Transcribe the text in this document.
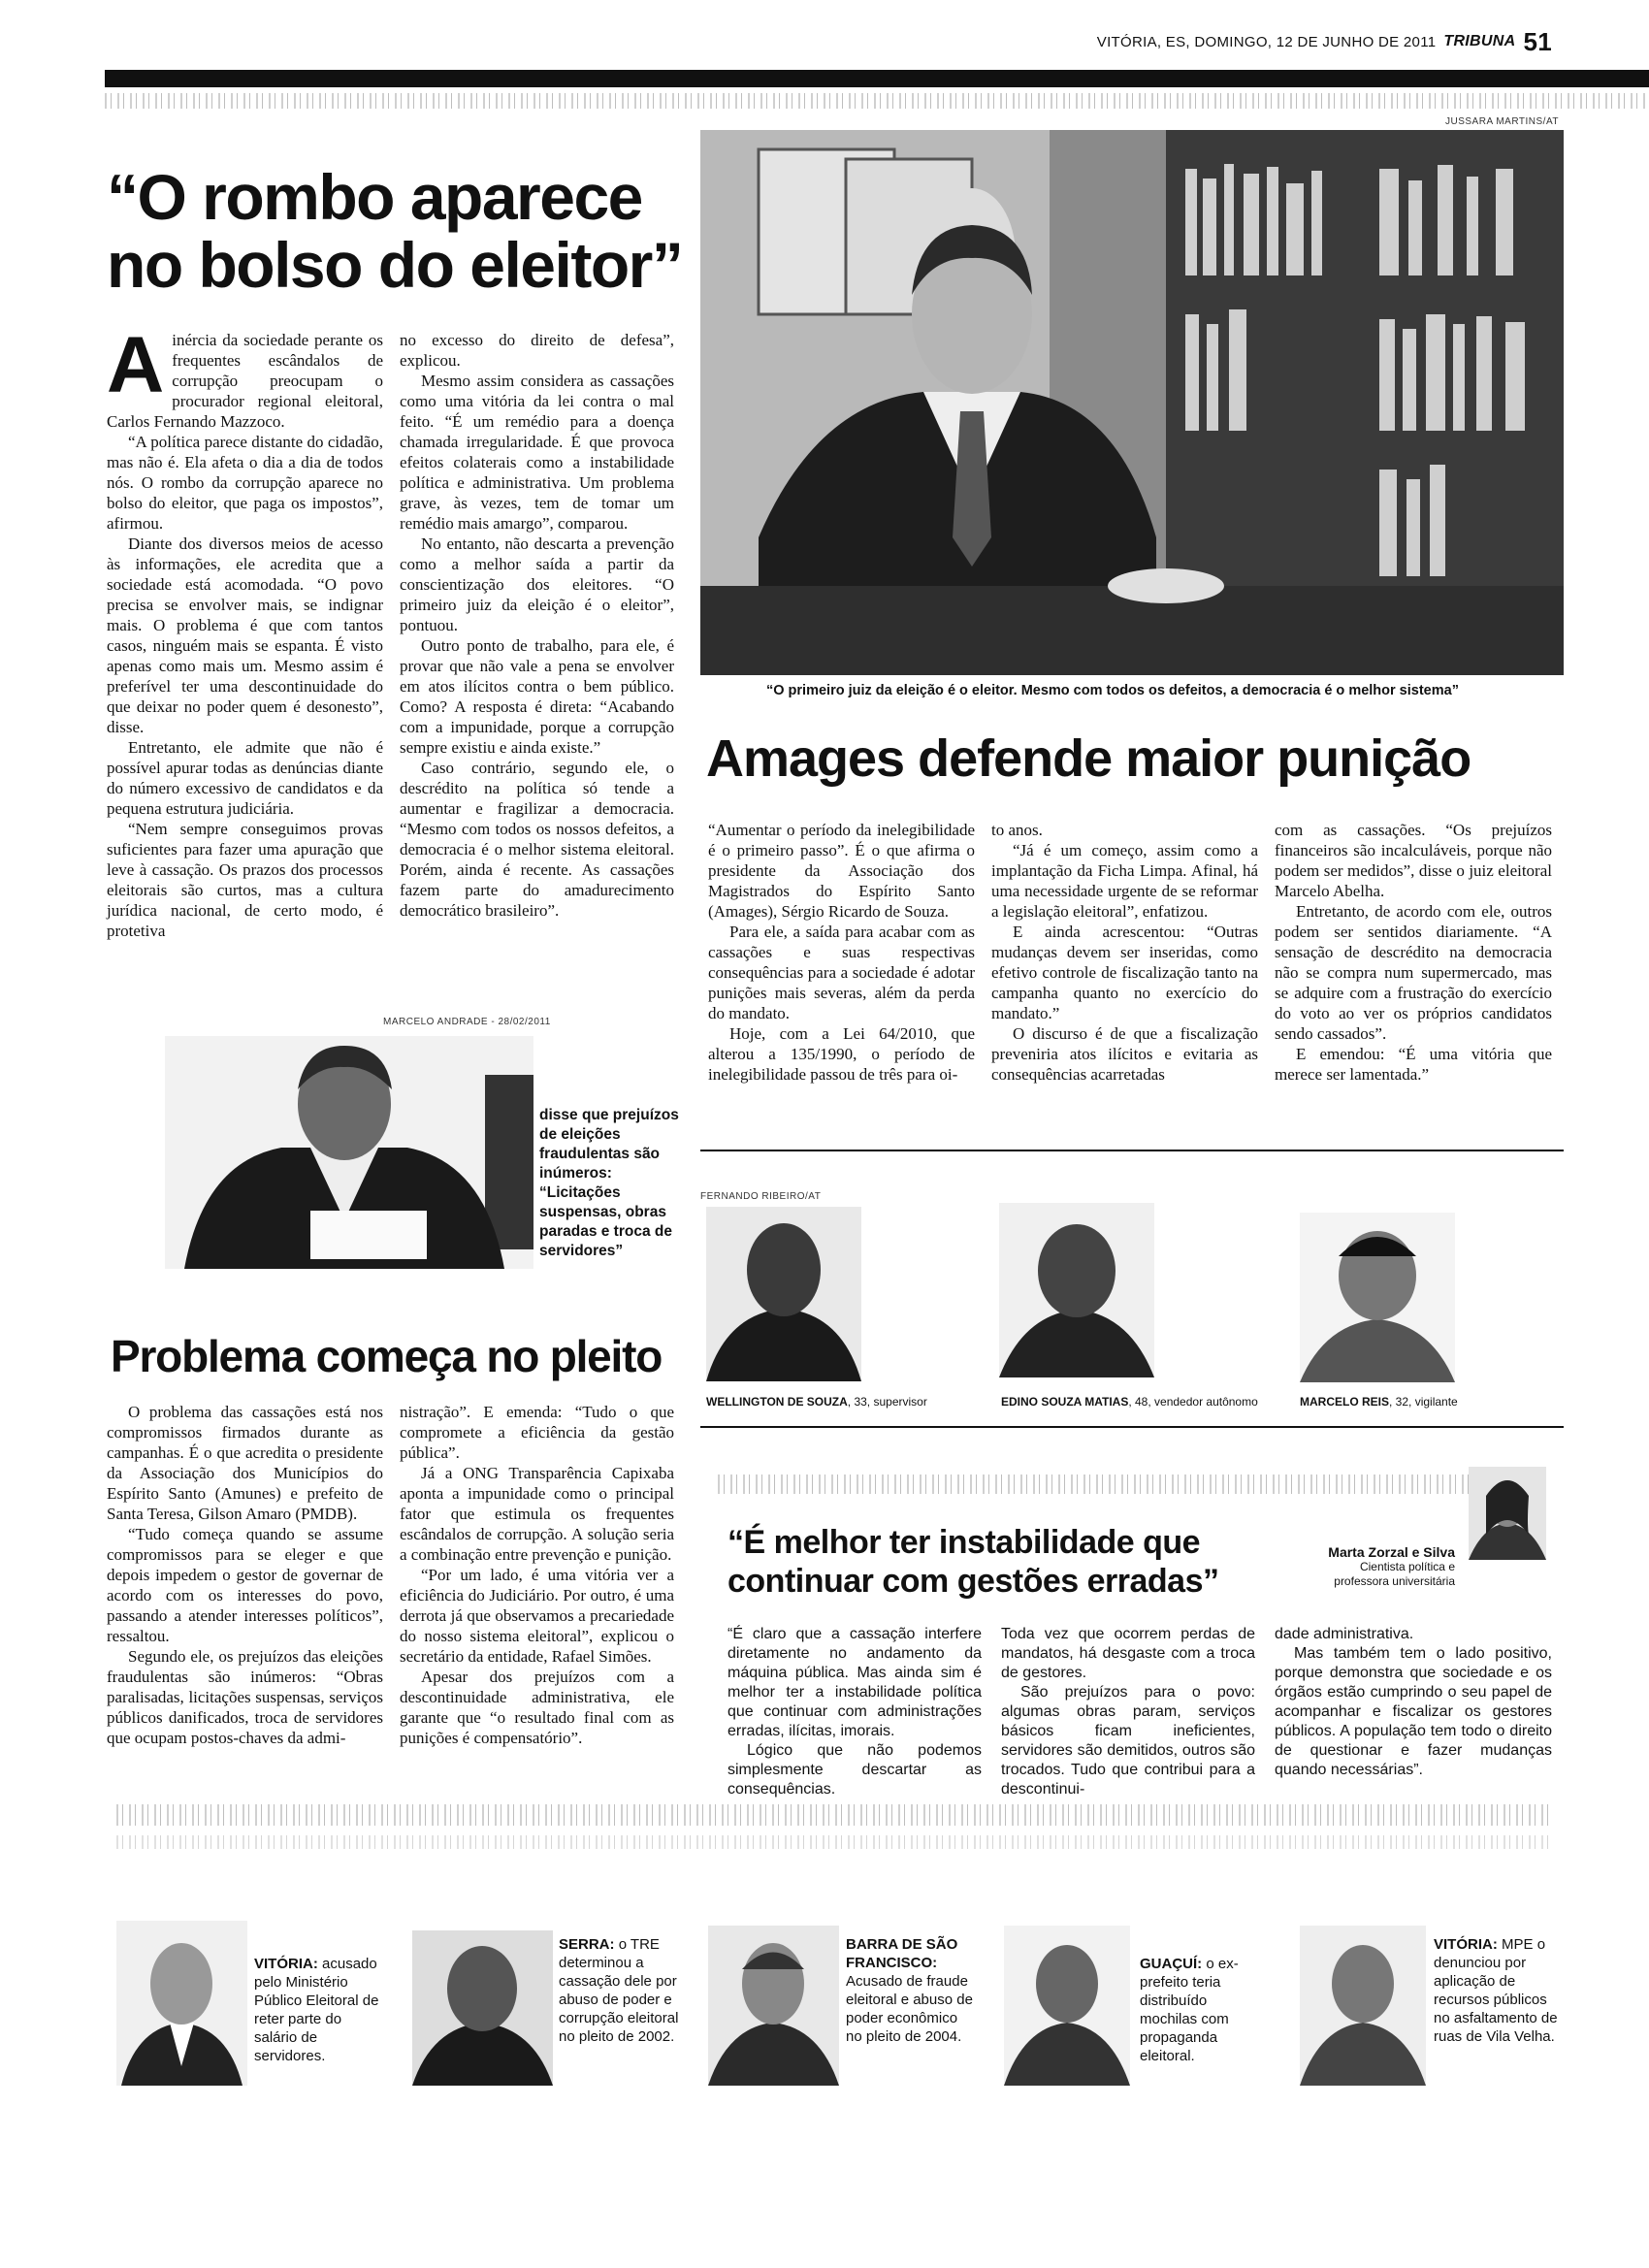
VITÓRIA, ES, DOMINGO, 12 DE JUNHO DE 2011 TRIBUNA 51
“O rombo aparece no bolso do eleitor”
A inércia da sociedade perante os frequentes escândalos de corrupção preocupam o procurador regional eleitoral, Carlos Fernando Mazzoco.

“A política parece distante do cidadão, mas não é. Ela afeta o dia a dia de todos nós. O rombo da corrupção aparece no bolso do eleitor, que paga os impostos”, afirmou.

Diante dos diversos meios de acesso às informações, ele acredita que a sociedade está acomodada. “O povo precisa se envolver mais, se indignar mais. O problema é que com tantos casos, ninguém mais se espanta. É visto apenas como mais um. Mesmo assim é preferível ter uma descontinuidade do que deixar no poder quem é desonesto”, disse.

Entretanto, ele admite que não é possível apurar todas as denúncias diante do número excessivo de candidatos e da pequena estrutura judiciária.

“Nem sempre conseguimos provas suficientes para fazer uma apuração que leve à cassação. Os prazos dos processos eleitorais são curtos, mas a cultura jurídica nacional, de certo modo, é protetiva

no excesso do direito de defesa”, explicou.

Mesmo assim considera as cassações como uma vitória da lei contra o mal feito. “É um remédio para a doença chamada irregularidade. É que provoca efeitos colaterais como a instabilidade política e administrativa. Um problema grave, às vezes, tem de tomar um remédio mais amargo”, comparou.

No entanto, não descarta a prevenção como a melhor saída a partir da conscientização dos eleitores. “O primeiro juiz da eleição é o eleitor”, pontuou.

Outro ponto de trabalho, para ele, é provar que não vale a pena se envolver em atos ilícitos contra o bem público. Como? A resposta é direta: “Acabando com a impunidade, porque a corrupção sempre existiu e ainda existe.”

Caso contrário, segundo ele, o descrédito na política só tende a aumentar e fragilizar a democracia. “Mesmo com todos os nossos defeitos, a democracia é o melhor sistema eleitoral. Porém, ainda é recente. As cassações fazem parte do amadurecimento democrático brasileiro”.

JUSSARA MARTINS/AT
“O primeiro juiz da eleição é o eleitor. Mesmo com todos os defeitos, a democracia é o melhor sistema”
Amages defende maior punição

“Aumentar o período da inelegibilidade é o primeiro passo”. É o que afirma o presidente da Associação dos Magistrados do Espírito Santo (Amages), Sérgio Ricardo de Souza.

Para ele, a saída para acabar com as cassações e suas respectivas consequências para a sociedade é adotar punições mais severas, além da perda do mandato.

Hoje, com a Lei 64/2010, que alterou a 135/1990, o período de inelegibilidade passou de três para oi-

to anos.

“Já é um começo, assim como a implantação da Ficha Limpa. Afinal, há uma necessidade urgente de se reformar a legislação eleitoral”, enfatizou.

E ainda acrescentou: “Outras mudanças devem ser inseridas, como efetivo controle de fiscalização tanto na campanha quanto no exercício do mandato.”

O discurso é de que a fiscalização preveniria atos ilícitos e evitaria as consequências acarretadas

com as cassações. “Os prejuízos financeiros são incalculáveis, porque não podem ser medidos”, disse o juiz eleitoral Marcelo Abelha.

Entretanto, de acordo com ele, outros podem ser sentidos diariamente. “A sensação de descrédito na democracia não se compra num supermercado, mas se adquire com a frustração do exercício do voto ao ver os próprios candidatos sendo cassados”.

E emendou: “É uma vitória que merece ser lamentada.”

MARCELO ANDRADE - 28/02/2011
disse que prejuízos de eleições fraudulentas são inúmeros: “Licitações suspensas, obras paradas e troca de servidores”
Problema começa no pleito

O problema das cassações está nos compromissos firmados durante as campanhas. É o que acredita o presidente da Associação dos Municípios do Espírito Santo (Amunes) e prefeito de Santa Teresa, Gilson Amaro (PMDB).

“Tudo começa quando se assume compromissos para se eleger e que depois impedem o gestor de governar de acordo com os interesses do povo, passando a atender interesses políticos”, ressaltou.

Segundo ele, os prejuízos das eleições fraudulentas são inúmeros: “Obras paralisadas, licitações suspensas, serviços públicos danificados, troca de servidores que ocupam postos-chaves da admi-

nistração”. E emenda: “Tudo o que compromete a eficiência da gestão pública”.

Já a ONG Transparência Capixaba aponta a impunidade como o principal fator que estimula os frequentes escândalos de corrupção. A solução seria a combinação entre prevenção e punição.

“Por um lado, é uma vitória ver a eficiência do Judiciário. Por outro, é uma derrota já que observamos a precariedade do nosso sistema eleitoral”, explicou o secretário da entidade, Rafael Simões.

Apesar dos prejuízos com a descontinuidade administrativa, ele garante que “o resultado final com as punições é compensatório”.

FERNANDO RIBEIRO/AT
WELLINGTON DE SOUZA, 33, supervisor	EDINO SOUZA MATIAS, 48, vendedor autônomo	MARCELO REIS, 32, vigilante
“É melhor ter instabilidade que continuar com gestões erradas”
Marta Zorzal e Silva
Cientista política e professora universitária

“É claro que a cassação interfere diretamente no andamento da máquina pública. Mas ainda sim é melhor ter a instabilidade política que continuar com administrações erradas, ilícitas, imorais.

Lógico que não podemos simplesmente descartar as consequências.

Toda vez que ocorrem perdas de mandatos, há desgaste com a troca de gestores.

São prejuízos para o povo: algumas obras param, serviços básicos ficam ineficientes, servidores são demitidos, outros são trocados. Tudo que contribui para a descontinui-

dade administrativa.

Mas também tem o lado positivo, porque demonstra que sociedade e os órgãos estão cumprindo o seu papel de acompanhar e fiscalizar os gestores públicos. A população tem todo o direito de questionar e fazer mudanças quando necessárias”.

VITÓRIA: acusado pelo Ministério Público Eleitoral de reter parte do salário de servidores.
SERRA: o TRE determinou a cassação dele por abuso de poder e corrupção eleitoral no pleito de 2002.
BARRA DE SÃO FRANCISCO:
Acusado de fraude eleitoral e abuso de poder econômico no pleito de 2004.
GUAÇUÍ: o ex-prefeito teria distribuído mochilas com propaganda eleitoral.
VITÓRIA: MPE o denunciou por aplicação de recursos públicos no asfaltamento de ruas de Vila Velha.
